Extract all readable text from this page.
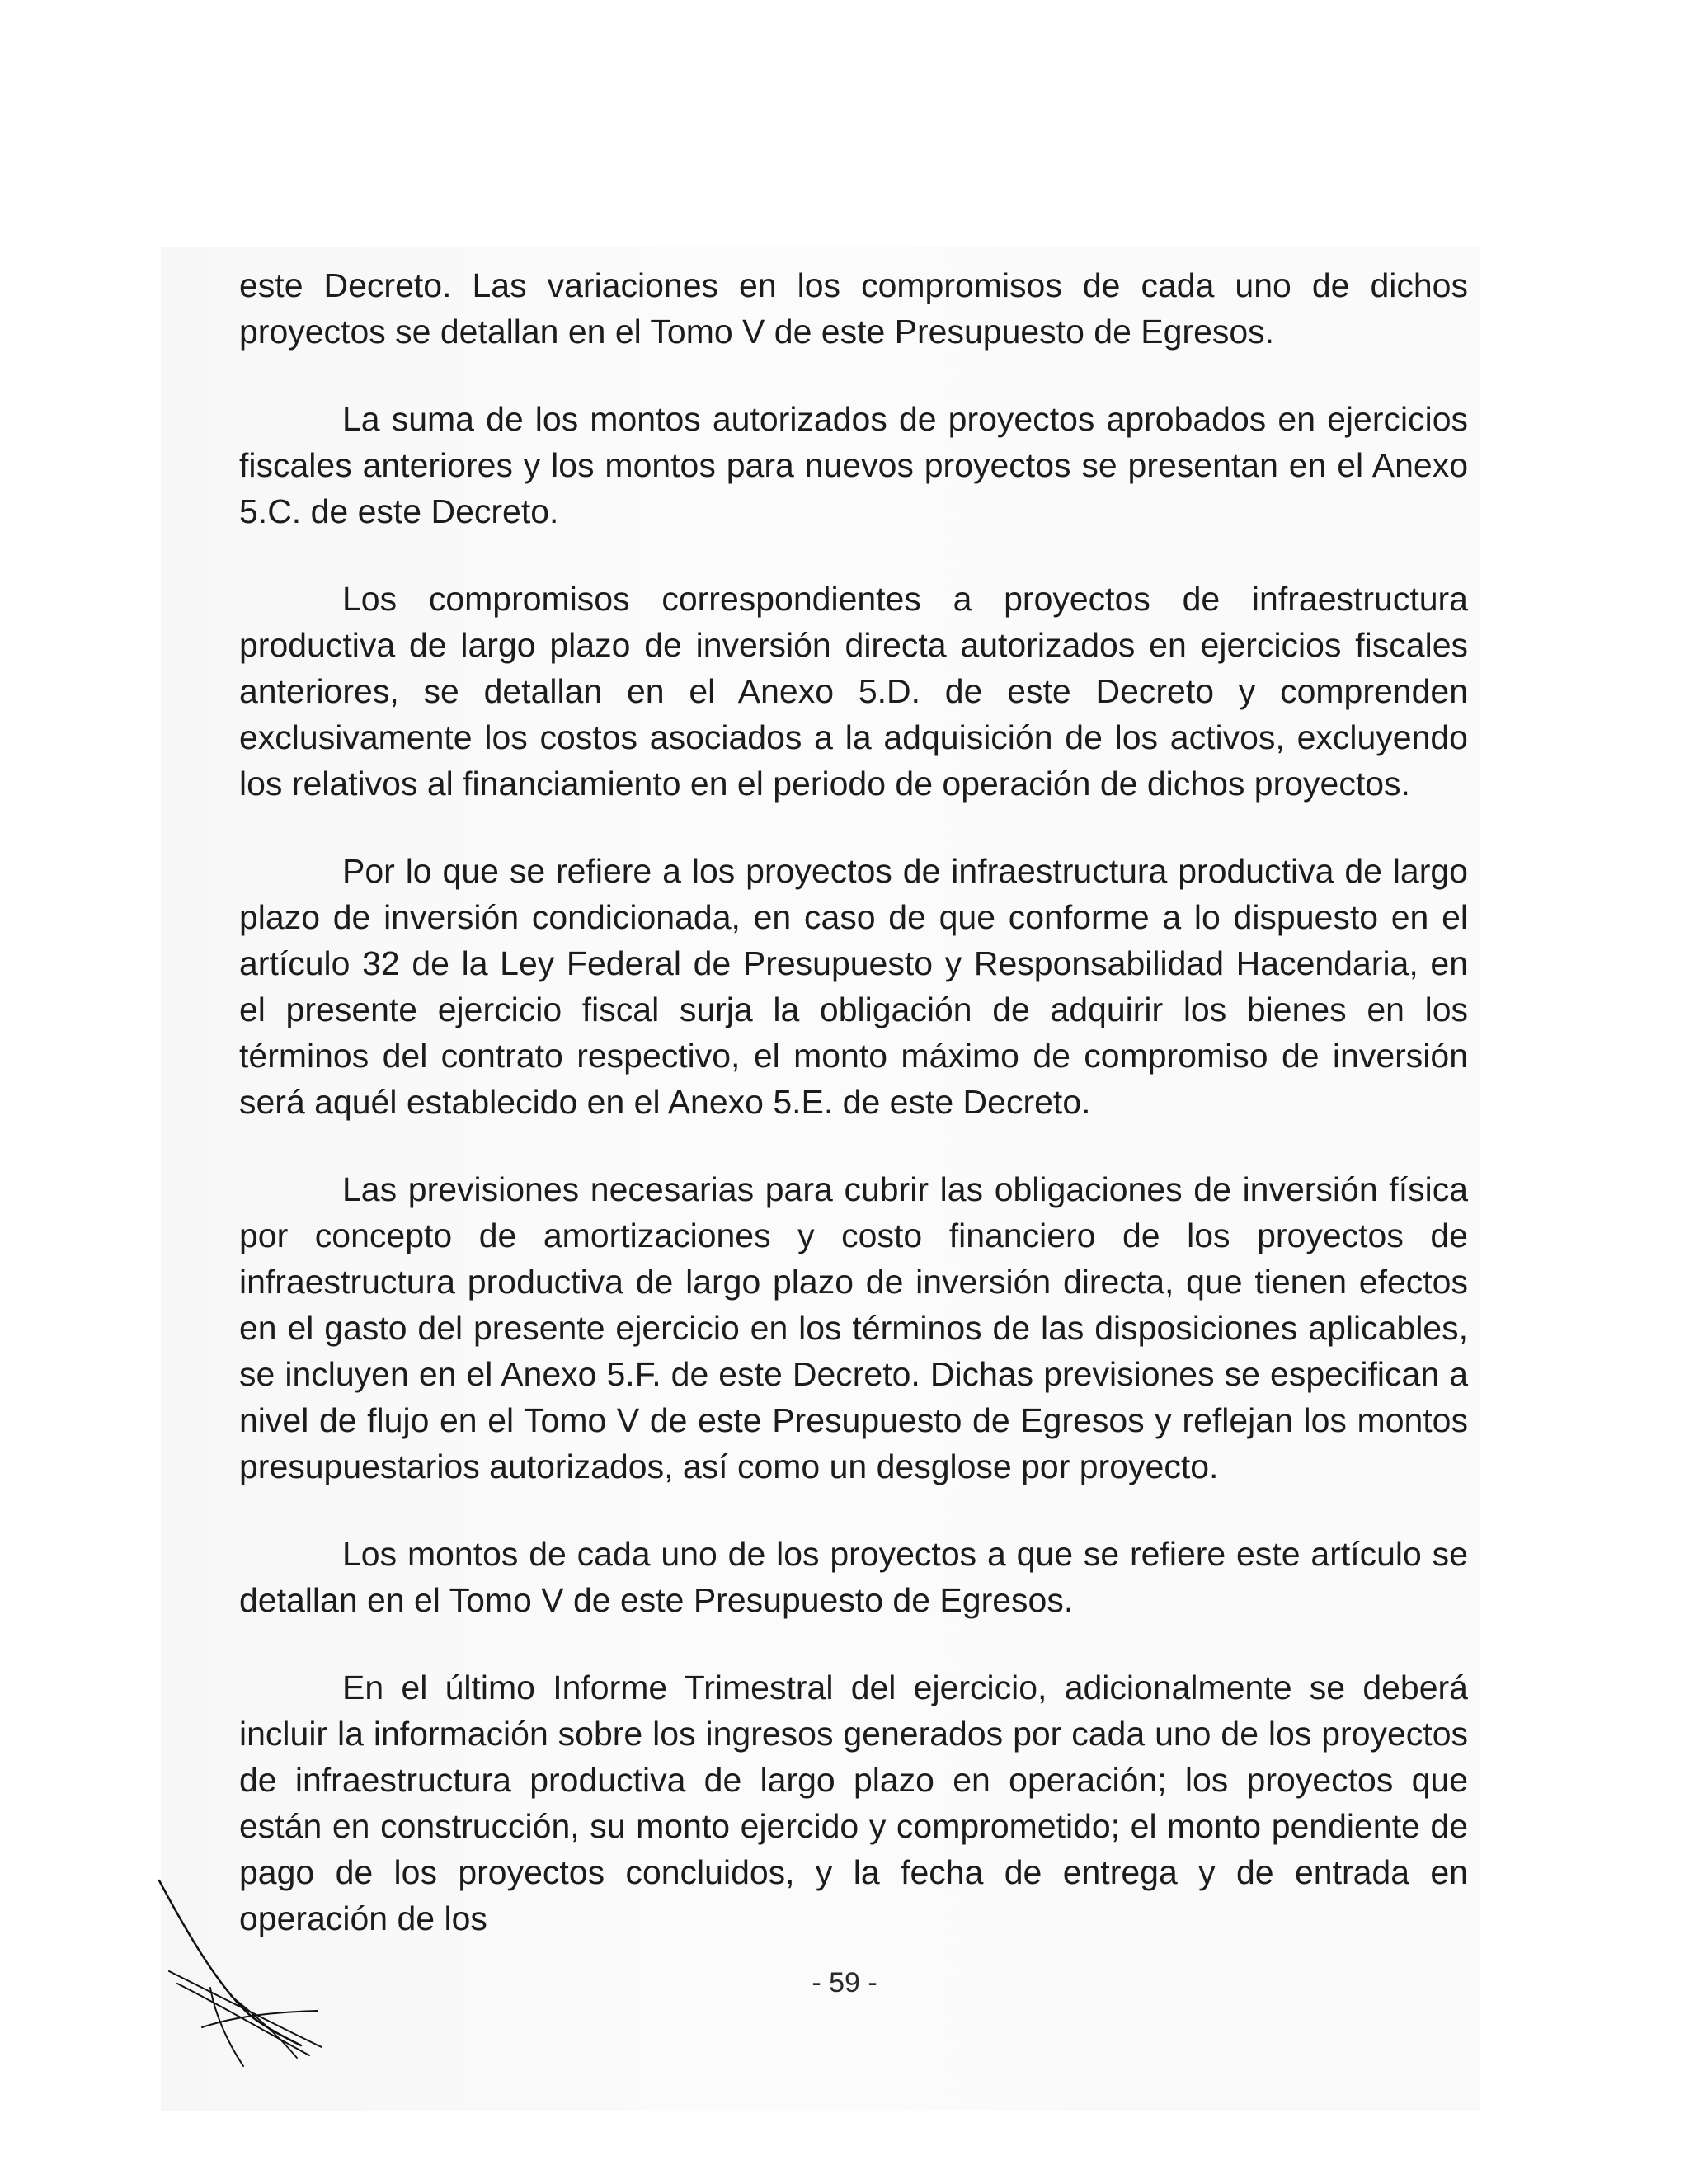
este Decreto. Las variaciones en los compromisos de cada uno de dichos proyectos se detallan en el Tomo V de este Presupuesto de Egresos.

La suma de los montos autorizados de proyectos aprobados en ejercicios fiscales anteriores y los montos para nuevos proyectos se presentan en el Anexo 5.C. de este Decreto.

Los compromisos correspondientes a proyectos de infraestructura productiva de largo plazo de inversión directa autorizados en ejercicios fiscales anteriores, se detallan en el Anexo 5.D. de este Decreto y comprenden exclusivamente los costos asociados a la adquisición de los activos, excluyendo los relativos al financiamiento en el periodo de operación de dichos proyectos.

Por lo que se refiere a los proyectos de infraestructura productiva de largo plazo de inversión condicionada, en caso de que conforme a lo dispuesto en el artículo 32 de la Ley Federal de Presupuesto y Responsabilidad Hacendaria, en el presente ejercicio fiscal surja la obligación de adquirir los bienes en los términos del contrato respectivo, el monto máximo de compromiso de inversión será aquél establecido en el Anexo 5.E. de este Decreto.

Las previsiones necesarias para cubrir las obligaciones de inversión física por concepto de amortizaciones y costo financiero de los proyectos de infraestructura productiva de largo plazo de inversión directa, que tienen efectos en el gasto del presente ejercicio en los términos de las disposiciones aplicables, se incluyen en el Anexo 5.F. de este Decreto. Dichas previsiones se especifican a nivel de flujo en el Tomo V de este Presupuesto de Egresos y reflejan los montos presupuestarios autorizados, así como un desglose por proyecto.

Los montos de cada uno de los proyectos a que se refiere este artículo se detallan en el Tomo V de este Presupuesto de Egresos.

En el último Informe Trimestral del ejercicio, adicionalmente se deberá incluir la información sobre los ingresos generados por cada uno de los proyectos de infraestructura productiva de largo plazo en operación; los proyectos que están en construcción, su monto ejercido y comprometido; el monto pendiente de pago de los proyectos concluidos, y la fecha de entrega y de entrada en operación de los

- 59 -
